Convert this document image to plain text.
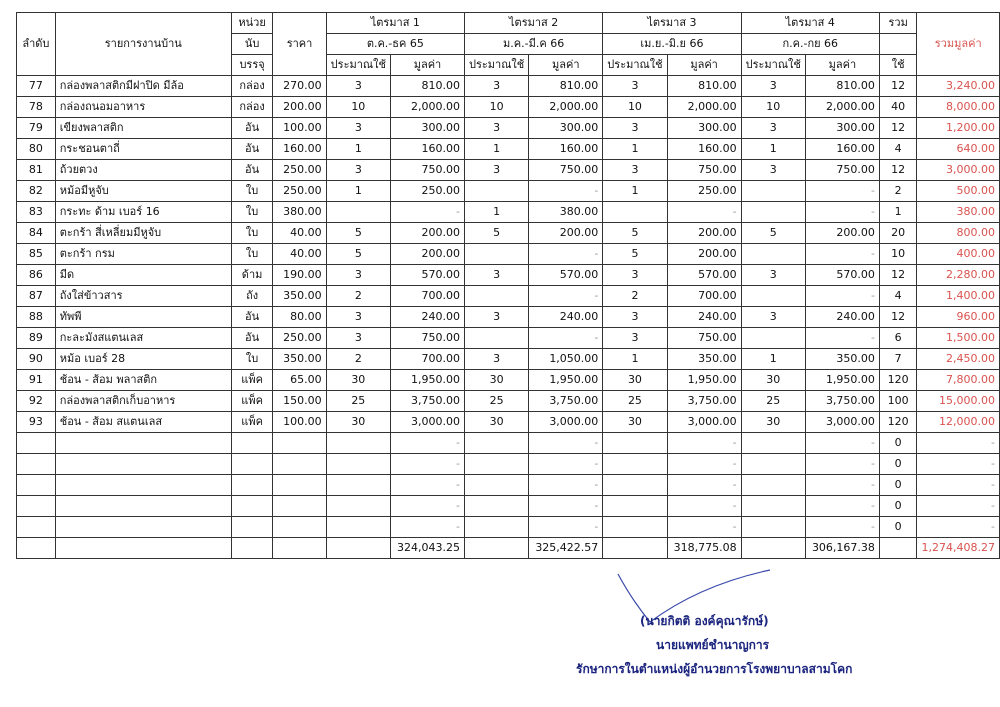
ลำดับ	รายการงานบ้าน	หน่วย	ราคา	ไตรมาส 1		ไตรมาส 2		ไตรมาส 3		ไตรมาส 4		รวม	รวมมูลค่า
		นับ		ต.ค.-ธค 65		ม.ค.-มี.ค 66		เม.ย.-มิ.ย 66		ก.ค.-กย 66			
		บรรจุ		ประมาณใช้	มูลค่า	ประมาณใช้	มูลค่า	ประมาณใช้	มูลค่า	ประมาณใช้	มูลค่า	ใช้	
77	กล่องพลาสติกมีฝาปิด มีล้อ	กล่อง	270.00	3	810.00	3	810.00	3	810.00	3	810.00	12	3,240.00
78	กล่องถนอมอาหาร	กล่อง	200.00	10	2,000.00	10	2,000.00	10	2,000.00	10	2,000.00	40	8,000.00
79	เขียงพลาสติก	อัน	100.00	3	300.00	3	300.00	3	300.00	3	300.00	12	1,200.00
80	กระชอนตาถี่	อัน	160.00	1	160.00	1	160.00	1	160.00	1	160.00	4	640.00
81	ถ้วยตวง	อัน	250.00	3	750.00	3	750.00	3	750.00	3	750.00	12	3,000.00
82	หม้อมีหูจับ	ใบ	250.00	1	250.00		-	1	250.00		-	2	500.00
83	กระทะ ด้าม เบอร์ 16	ใบ	380.00		-	1	380.00		-		-	1	380.00
84	ตะกร้า สี่เหลี่ยมมีหูจับ	ใบ	40.00	5	200.00	5	200.00	5	200.00	5	200.00	20	800.00
85	ตะกร้า กรม	ใบ	40.00	5	200.00		-	5	200.00		-	10	400.00
86	มีด	ด้าม	190.00	3	570.00	3	570.00	3	570.00	3	570.00	12	2,280.00
87	ถังใส่ข้าวสาร	ถัง	350.00	2	700.00		-	2	700.00		-	4	1,400.00
88	ทัพพี	อัน	80.00	3	240.00	3	240.00	3	240.00	3	240.00	12	960.00
89	กะละมังสแตนเลส	อัน	250.00	3	750.00		-	3	750.00		-	6	1,500.00
90	หม้อ เบอร์ 28	ใบ	350.00	2	700.00	3	1,050.00	1	350.00	1	350.00	7	2,450.00
91	ช้อน - ส้อม พลาสติก	แพ็ค	65.00	30	1,950.00	30	1,950.00	30	1,950.00	30	1,950.00	120	7,800.00
92	กล่องพลาสติกเก็บอาหาร	แพ็ค	150.00	25	3,750.00	25	3,750.00	25	3,750.00	25	3,750.00	100	15,000.00
93	ช้อน - ส้อม สแตนเลส	แพ็ค	100.00	30	3,000.00	30	3,000.00	30	3,000.00	30	3,000.00	120	12,000.00
					-		-		-		-	0	-
					-		-		-		-	0	-
					-		-		-		-	0	-
					-		-		-		-	0	-
					-		-		-		-	0	-
					324,043.25		325,422.57		318,775.08		306,167.38		1,274,408.27
(นายกิตติ องค์คุณารักษ์)
นายแพทย์ชำนาญการ
รักษาการในตำแหน่งผู้อำนวยการโรงพยาบาลสามโคก
